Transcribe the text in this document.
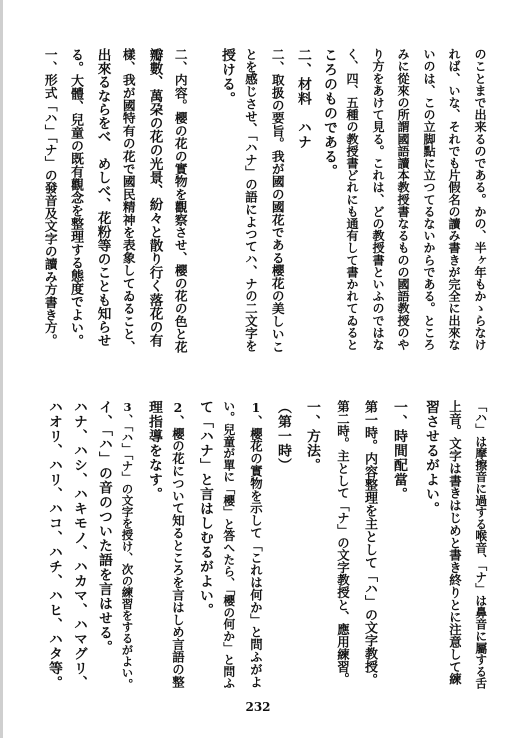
のことまで出来るのである。かの、半ヶ年もかゝらなけ
れば、いな、それでも片假名の讀み書きが完全に出來な
いのは、この立脚點に立つてるないからである。ところ
みに從來の所謂國語讀本教授書なるものの國語教授のや
り方をあけて見る。これは、どの教授書といふのではな
く、四、五種の教授書どれにも通有して書かれてゐると
ころのものである。
二、材料　ハナ
二、取扱の要旨。我が國の國花である櫻花の美しいこ
とを感じさせ、「ハナ」の語によつてハ、ナの二文字を
授ける。
二、内容。櫻の花の實物を觀察させ、櫻の花の色と花
瓣數、萬朶の花の光景、紛々と散り行く落花の有
樣、我が國特有の花で國民精神を表象してゐること、
出來るならをべ　めしべ、花粉等のことも知らせ
る。大體、兒童の既有觀念を整理する態度でよい。
一、形式「ハ」「ナ」の發音及文字の讀み方書き方。
「ハ」は摩擦音に過する喉音、「ナ」は鼻音に屬する舌
上音。文字は書きはじめと書き終りとに注意して練
習させるがよい。
一、時間配當。
第一時。内容整理を主として「ハ」の文字教授。
第二時。主として「ナ」の文字教授と、應用練習。
一、方法。
（第一時）
1、櫻花の實物を示して「これは何か」と問ふがよ
い。兒童が單に「櫻」と答へたら、「櫻の何か」と問ふ
て「ハナ」と言はしむるがよい。
2、櫻の花について知るところを言はしめ言語の整
理指導をなす。
3、「ハ」「ナ」の文字を授け、次の練習をするがよい。
イ、「ハ」の音のついた語を言はせる。
ハナ、ハシ、ハキモノ、ハカマ、ハマグリ、
ハオリ、ハリ、ハコ、ハチ、ハヒ、ハタ等。
232
